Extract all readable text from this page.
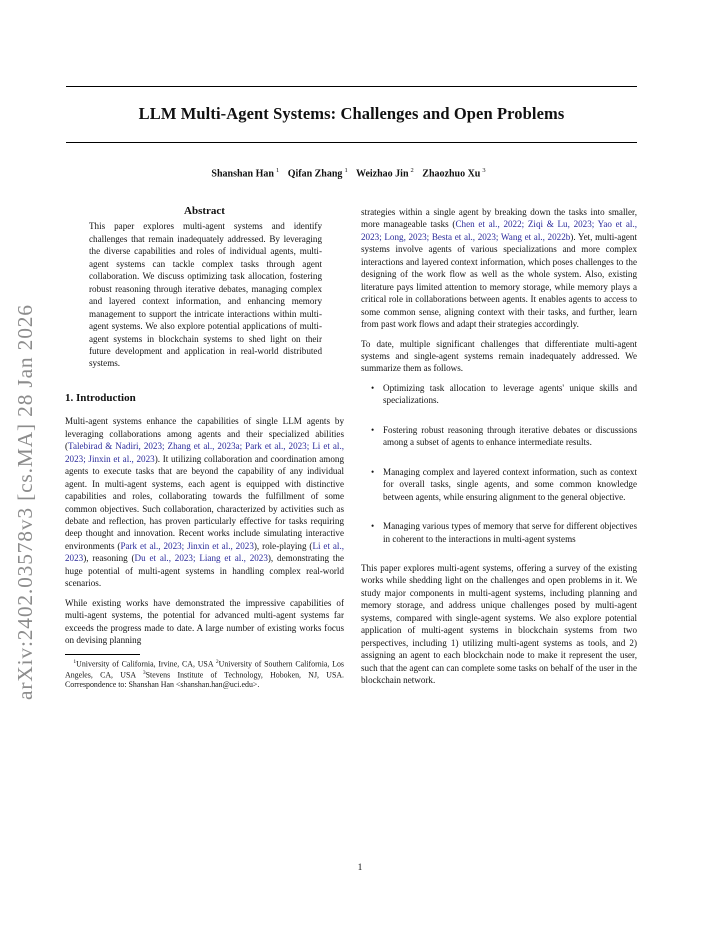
arXiv:2402.03578v3 [cs.MA] 28 Jan 2026
LLM Multi-Agent Systems: Challenges and Open Problems
Shanshan Han $^1$ Qifan Zhang $^1$ Weizhao Jin $^2$ Zhaozhuo Xu $^3$
Abstract

This paper explores multi-agent systems and identify challenges that remain inadequately addressed. By leveraging the diverse capabilities and roles of individual agents, multi-agent systems can tackle complex tasks through agent collaboration. We discuss optimizing task allocation, fostering robust reasoning through iterative debates, managing complex and layered context information, and enhancing memory management to support the intricate interactions within multi-agent systems. We also explore potential applications of multi-agent systems in blockchain systems to shed light on their future development and application in real-world distributed systems.

1. Introduction

Multi-agent systems enhance the capabilities of single LLM agents by leveraging collaborations among agents and their specialized abilities (Talebirad & Nadiri, 2023; Zhang et al., 2023a; Park et al., 2023; Li et al., 2023; Jinxin et al., 2023). It utilizing collaboration and coordination among agents to execute tasks that are beyond the capability of any individual agent. In multi-agent systems, each agent is equipped with distinctive capabilities and roles, collaborating towards the fulfillment of some common objectives. Such collaboration, characterized by activities such as debate and reflection, has proven particularly effective for tasks requiring deep thought and innovation. Recent works include simulating interactive environments (Park et al., 2023; Jinxin et al., 2023), role-playing (Li et al., 2023), reasoning (Du et al., 2023; Liang et al., 2023), demonstrating the huge potential of multi-agent systems in handling complex real-world scenarios.

While existing works have demonstrated the impressive capabilities of multi-agent systems, the potential for advanced multi-agent systems far exceeds the progress made to date. A large number of existing works focus on devising planning

$^1$University of California, Irvine, CA, USA $^2$University of Southern California, Los Angeles, CA, USA $^3$Stevens Institute of Technology, Hoboken, NJ, USA. Correspondence to: Shanshan Han <shanshan.han@uci.edu>.

strategies within a single agent by breaking down the tasks into smaller, more manageable tasks (Chen et al., 2022; Ziqi & Lu, 2023; Yao et al., 2023; Long, 2023; Besta et al., 2023; Wang et al., 2022b). Yet, multi-agent systems involve agents of various specializations and more complex interactions and layered context information, which poses challenges to the designing of the work flow as well as the whole system. Also, existing literature pays limited attention to memory storage, while memory plays a critical role in collaborations between agents. It enables agents to access to some common sense, aligning context with their tasks, and further, learn from past work flows and adapt their strategies accordingly.

To date, multiple significant challenges that differentiate multi-agent systems and single-agent systems remain inadequately addressed. We summarize them as follows.

• Optimizing task allocation to leverage agents' unique skills and specializations.
• Fostering robust reasoning through iterative debates or discussions among a subset of agents to enhance intermediate results.
• Managing complex and layered context information, such as context for overall tasks, single agents, and some common knowledge between agents, while ensuring alignment to the general objective.
• Managing various types of memory that serve for different objectives in coherent to the interactions in multi-agent systems

This paper explores multi-agent systems, offering a survey of the existing works while shedding light on the challenges and open problems in it. We study major components in multi-agent systems, including planning and memory storage, and address unique challenges posed by multi-agent systems, compared with single-agent systems. We also explore potential application of multi-agent systems in blockchain systems from two perspectives, including 1) utilizing multi-agent systems as tools, and 2) assigning an agent to each blockchain node to make it represent the user, such that the agent can can complete some tasks on behalf of the user in the blockchain network.

1
